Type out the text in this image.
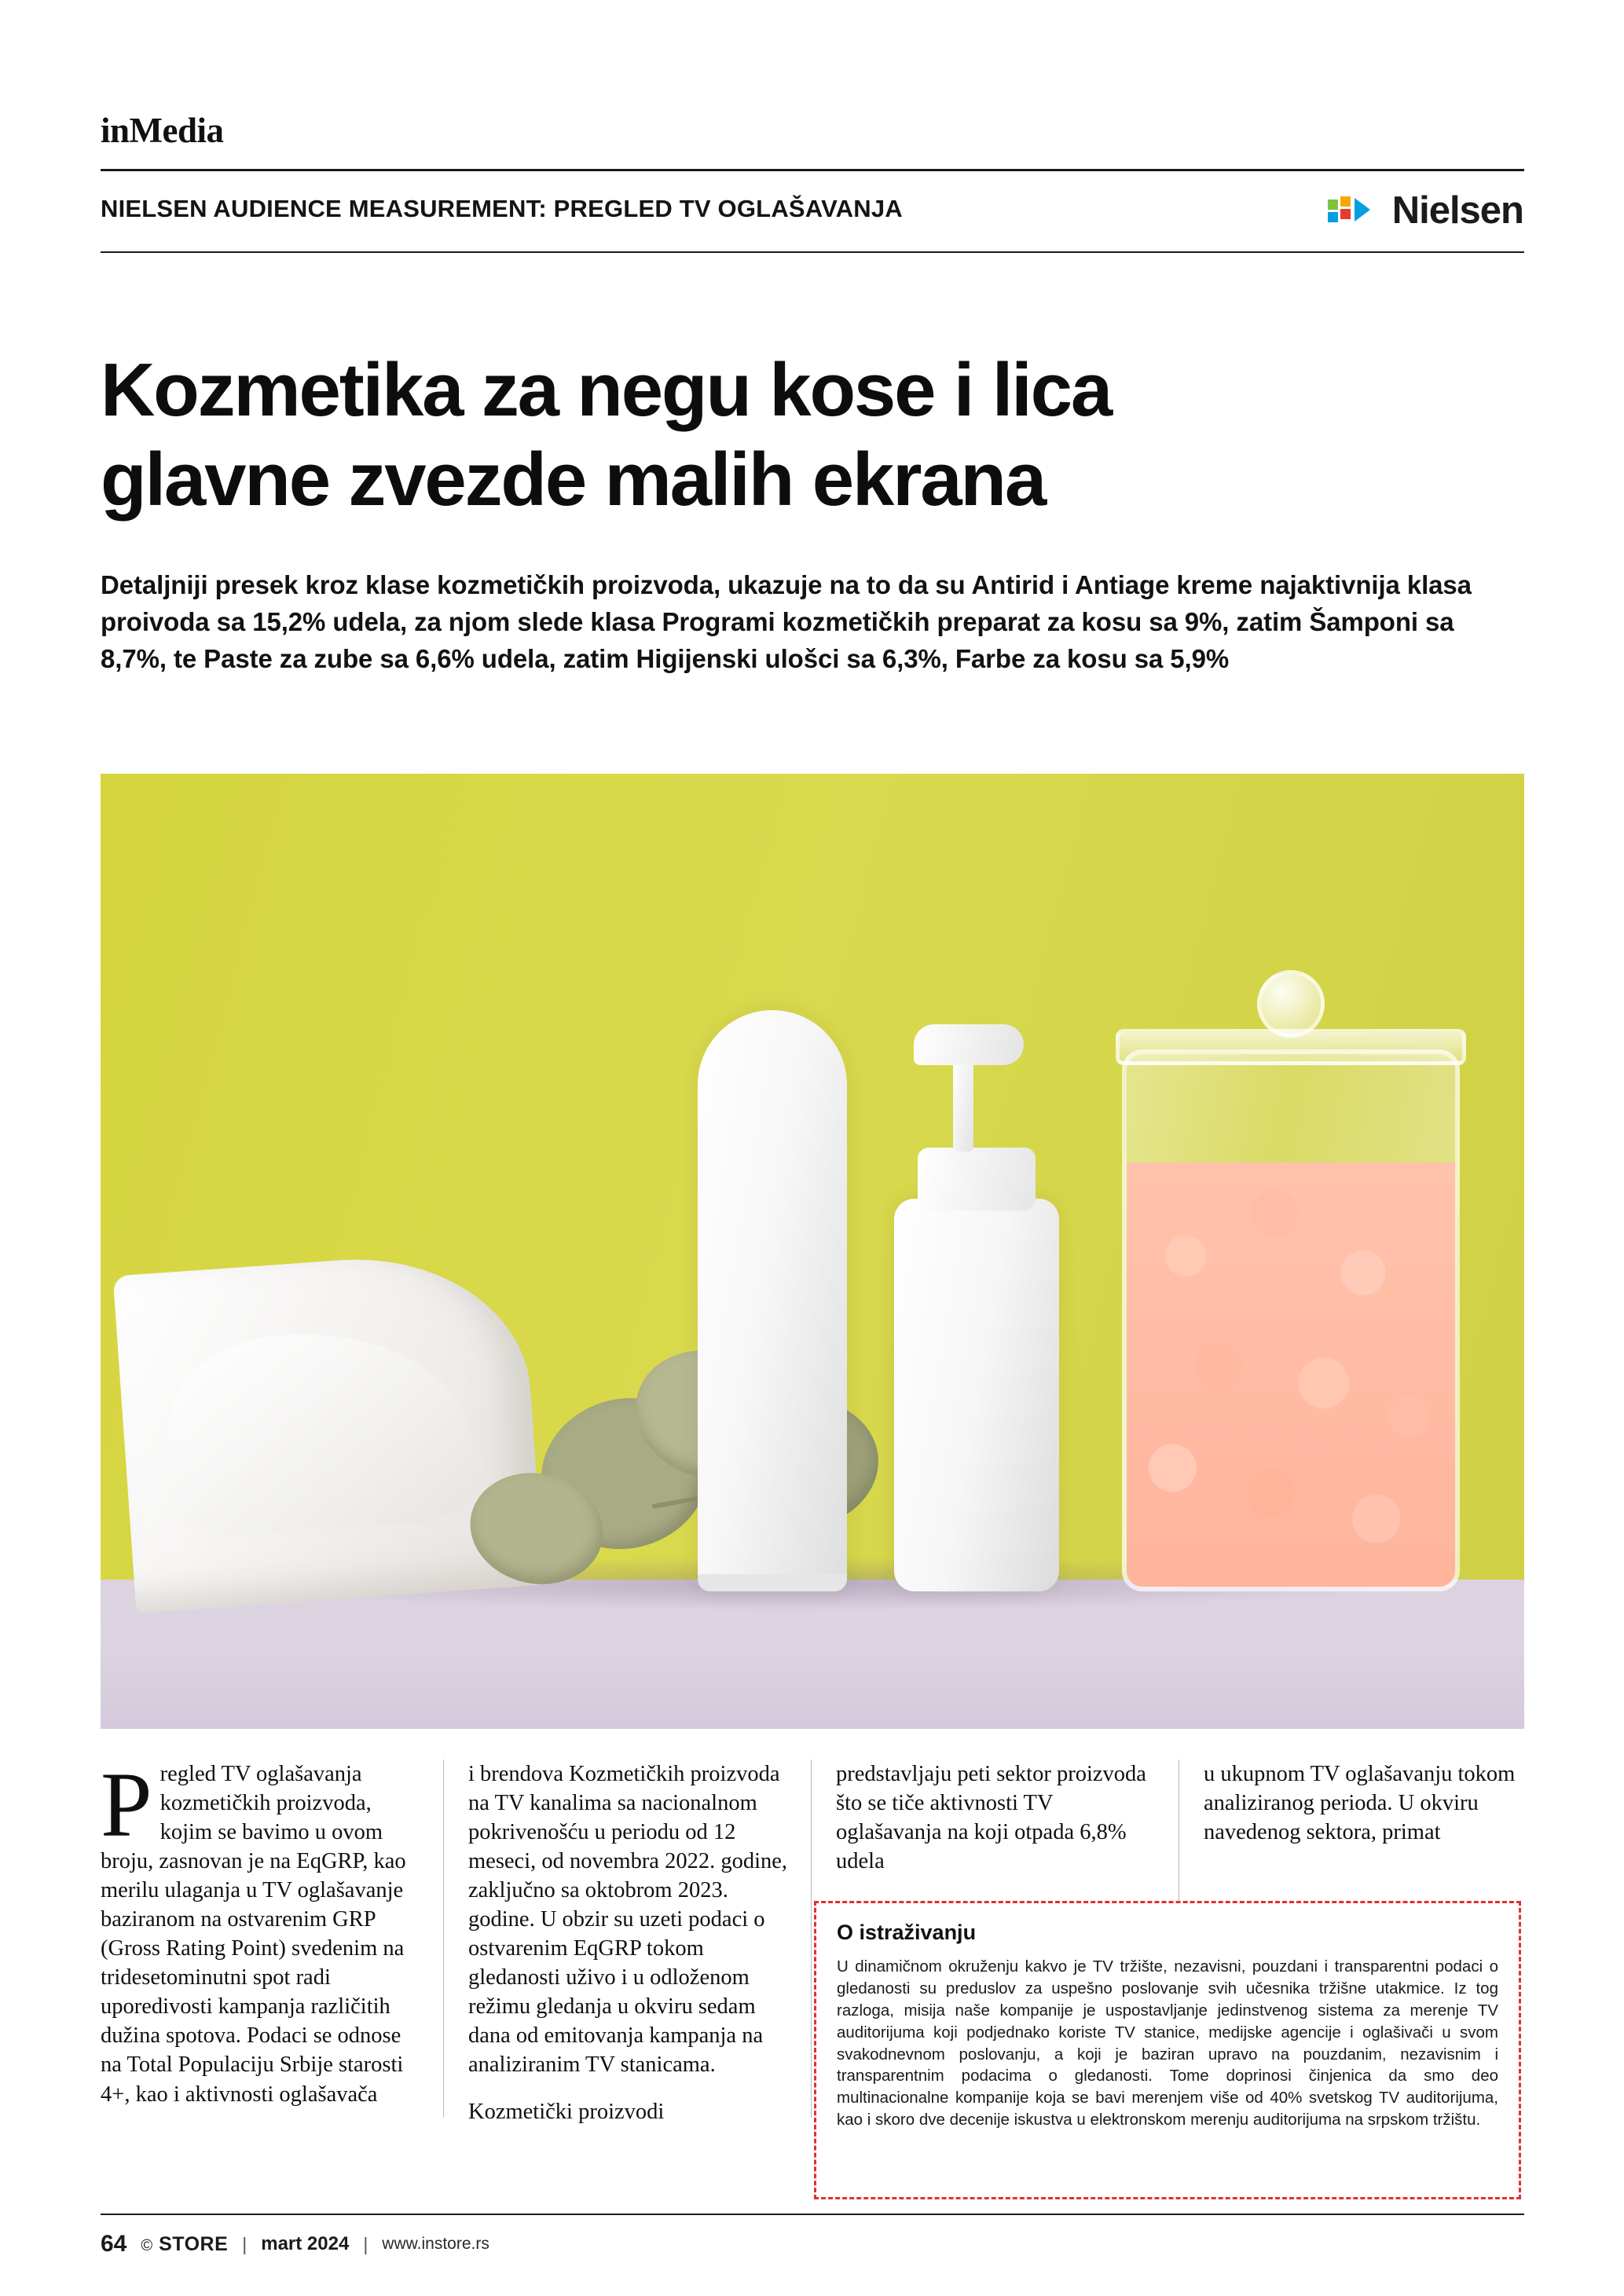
inMedia
NIELSEN AUDIENCE MEASUREMENT: PREGLED TV OGLAŠAVANJA	Nielsen
Kozmetika za negu kose i lica
glavne zvezde malih ekrana
Detaljniji presek kroz klase kozmetičkih proizvoda, ukazuje na to da su Antirid i Antiage kreme najaktivnija klasa proivoda sa 15,2% udela, za njom slede klasa Programi kozmetičkih preparat za kosu sa 9%, zatim Šamponi sa 8,7%, te Paste za zube sa 6,6% udela, zatim Higijenski ulošci sa 6,3%, Farbe za kosu sa 5,9%

Pregled TV oglašavanja kozmetičkih proizvoda, kojim se bavimo u ovom broju, zasnovan je na EqGRP, kao merilu ulaganja u TV oglašavanje baziranom na ostvarenim GRP (Gross Rating Point) svedenim na tridesetominutni spot radi uporedivosti kampanja različitih dužina spotova. Podaci se odnose na Total Populaciju Srbije starosti 4+, kao i aktivnosti oglašavača

i brendova Kozmetičkih proizvoda na TV kanalima sa nacionalnom pokrivenošću u periodu od 12 meseci, od novembra 2022. godine, zaključno sa oktobrom 2023. godine. U obzir su uzeti podaci o ostvarenim EqGRP tokom gledanosti uživo i u odloženom režimu gledanja u okviru sedam dana od emitovanja kampanja na analiziranim TV stanicama.

Kozmetički proizvodi

predstavljaju peti sektor proizvoda što se tiče aktivnosti TV oglašavanja na koji otpada 6,8% udela

u ukupnom TV oglašavanju tokom analiziranog perioda. U okviru navedenog sektora, primat

O istraživanju

U dinamičnom okruženju kakvo je TV tržište, nezavisni, pouzdani i transparentni podaci o gledanosti su preduslov za uspešno poslovanje svih učesnika tržišne utakmice. Iz tog razloga, misija naše kompanije je uspostavljanje jedinstvenog sistema za merenje TV auditorijuma koji podjednako koriste TV stanice, medijske agencije i oglašivači u svom svakodnevnom poslovanju, a koji je baziran upravo na pouzdanim, nezavisnim i transparentnim podacima o gledanosti. Tome doprinosi činjenica da smo deo multinacionalne kompanije koja se bavi merenjem više od 40% svetskog TV auditorijuma, kao i skoro dve decenije iskustva u elektronskom merenju auditorijuma na srpskom tržištu.

64 © STORE | mart 2024 | www.instore.rs
